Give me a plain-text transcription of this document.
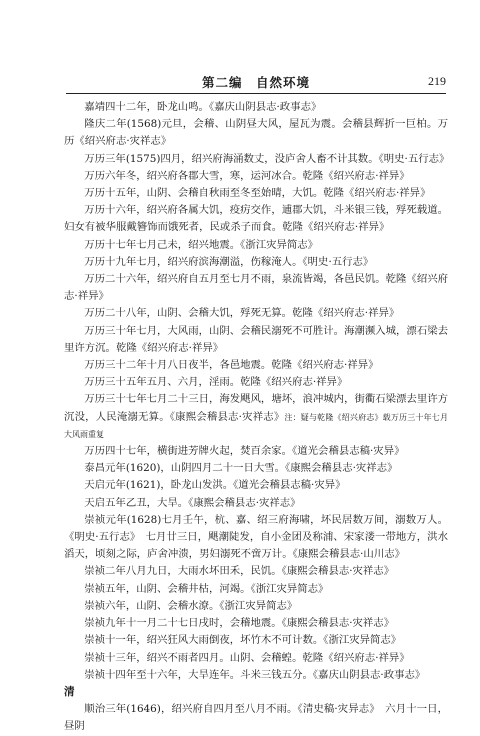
第二编　自然环境	219

嘉靖四十二年，卧龙山鸣。《嘉庆山阴县志·政事志》

隆庆二年(1568)元旦，会稽、山阴昼大风，屋瓦为震。会稽县辉折一巨柏。万历《绍兴府志·灾祥志》

万历三年(1575)四月，绍兴府海涌数丈，没庐舍人畜不计其数。《明史·五行志》

万历六年冬，绍兴府各郡大雪，寒，运河冰合。乾隆《绍兴府志·祥异》

万历十五年，山阴、会稽自秋雨至冬至始晴，大饥。乾隆《绍兴府志·祥异》

万历十六年，绍兴府各属大饥，疫疠交作，逋郡大饥，斗米银三钱，殍死载道。妇女有被华服戴簪饰而饿死者，民或杀子而食。乾隆《绍兴府志·祥异》

万历十七年七月己未，绍兴地震。《浙江灾异简志》

万历十九年七月，绍兴府滨海潮溢，伤稼淹人。《明史·五行志》

万历二十六年，绍兴府自五月至七月不雨，泉流皆竭，各邑民饥。乾隆《绍兴府志·祥异》

万历二十八年，山阴、会稽大饥，殍死无算。乾隆《绍兴府志·祥异》

万历三十年七月，大风雨，山阴、会稽民溺死不可胜计。海潮濒入城，漂石梁去里许方沉。乾隆《绍兴府志·祥异》

万历三十二年十月八日夜半，各邑地震。乾隆《绍兴府志·祥异》

万历三十五年五月、六月，淫雨。乾隆《绍兴府志·祥异》

万历三十七年七月二十三日，海发飓风，塘坏，浪冲城内，街衢石梁漂去里许方沉没，人民淹溺无算。《康熙会稽县志·灾祥志》注：疑与乾隆《绍兴府志》载万历三十年七月大风雨重复

万历四十七年，横街进芳牌火起，焚百余家。《道光会稽县志稿·灾异》

泰昌元年(1620)，山阴四月二十一日大雪。《康熙会稽县志·灾祥志》

天启元年(1621)，卧龙山发洪。《道光会稽县志稿·灾异》

天启五年乙丑，大旱。《康熙会稽县志·灾祥志》

崇祯元年(1628)七月壬午，杭、嘉、绍三府海啸，坏民居数万间，溺数万人。《明史·五行志》　七月廿三日，飓潮陡发，自小金团及称浦、宋家溇一带地方，洪水滔天，顷刻之际，庐舍冲溃，男妇溺死不啻万计。《康熙会稽县志·山川志》

崇祯二年八月九日，大雨水坏田禾，民饥。《康熙会稽县志·灾祥志》

崇祯五年，山阴、会稽井枯，河竭。《浙江灾异简志》

崇祯六年，山阴、会稽水潦。《浙江灾异简志》

崇祯九年十一月二十七日戌时，会稽地震。《康熙会稽县志·灾祥志》

崇祯十一年，绍兴狂风大雨倒夜，坏竹木不可计数。《浙江灾异简志》

崇祯十三年，绍兴不雨者四月。山阴、会稽蝗。乾隆《绍兴府志·祥异》

崇祯十四年至十六年，大旱连年。斗米三钱五分。《嘉庆山阴县志·政事志》

清

顺治三年(1646)，绍兴府自四月至八月不雨。《清史稿·灾异志》　六月十一日，昼阴
